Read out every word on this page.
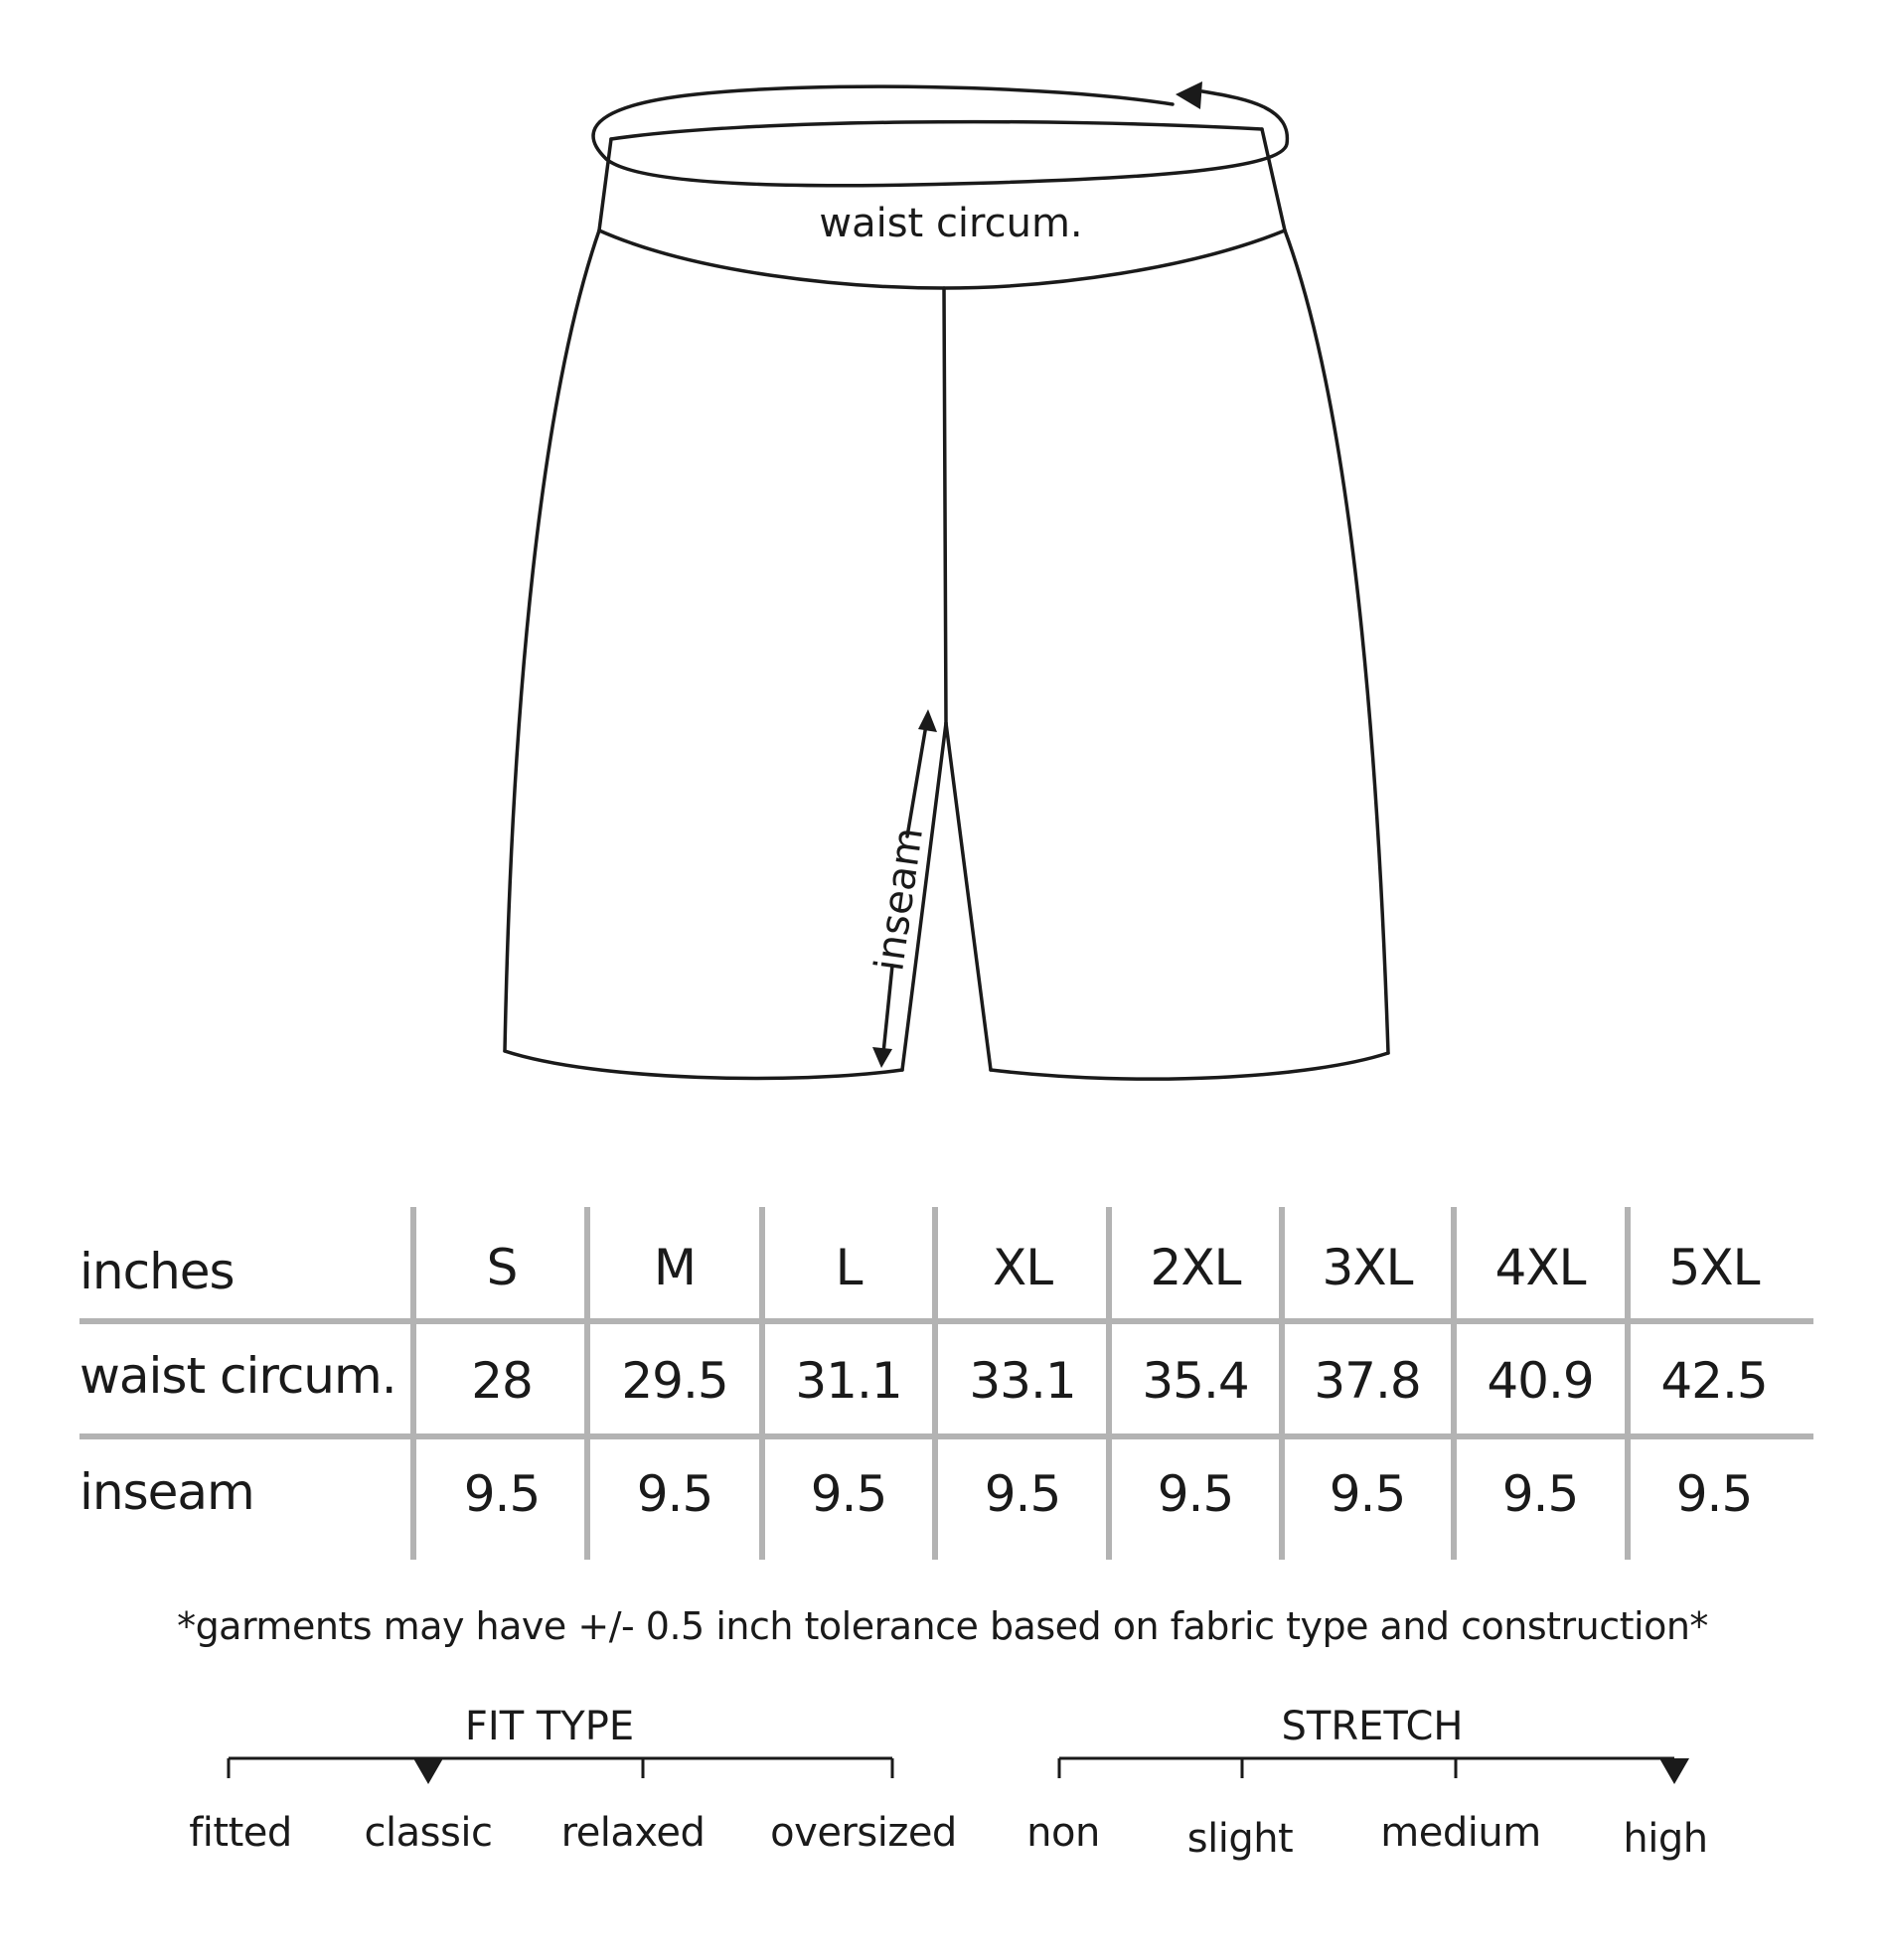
waist circum.
inseam
inches	S	M	L	XL 2XL 3XL 4XL 5XL
waist circum. 28 29.5 31.1 33.1 35.4 37.8 40.9 42.5
inseam	9.5 9.5 9.5 9.5 9.5 9.5 9.5 9.5
*garments may have +/- 0.5 inch tolerance based on fabric type and construction*
FIT TYPE
fitted classic relaxed oversized
STRETCH
non slight medium high
